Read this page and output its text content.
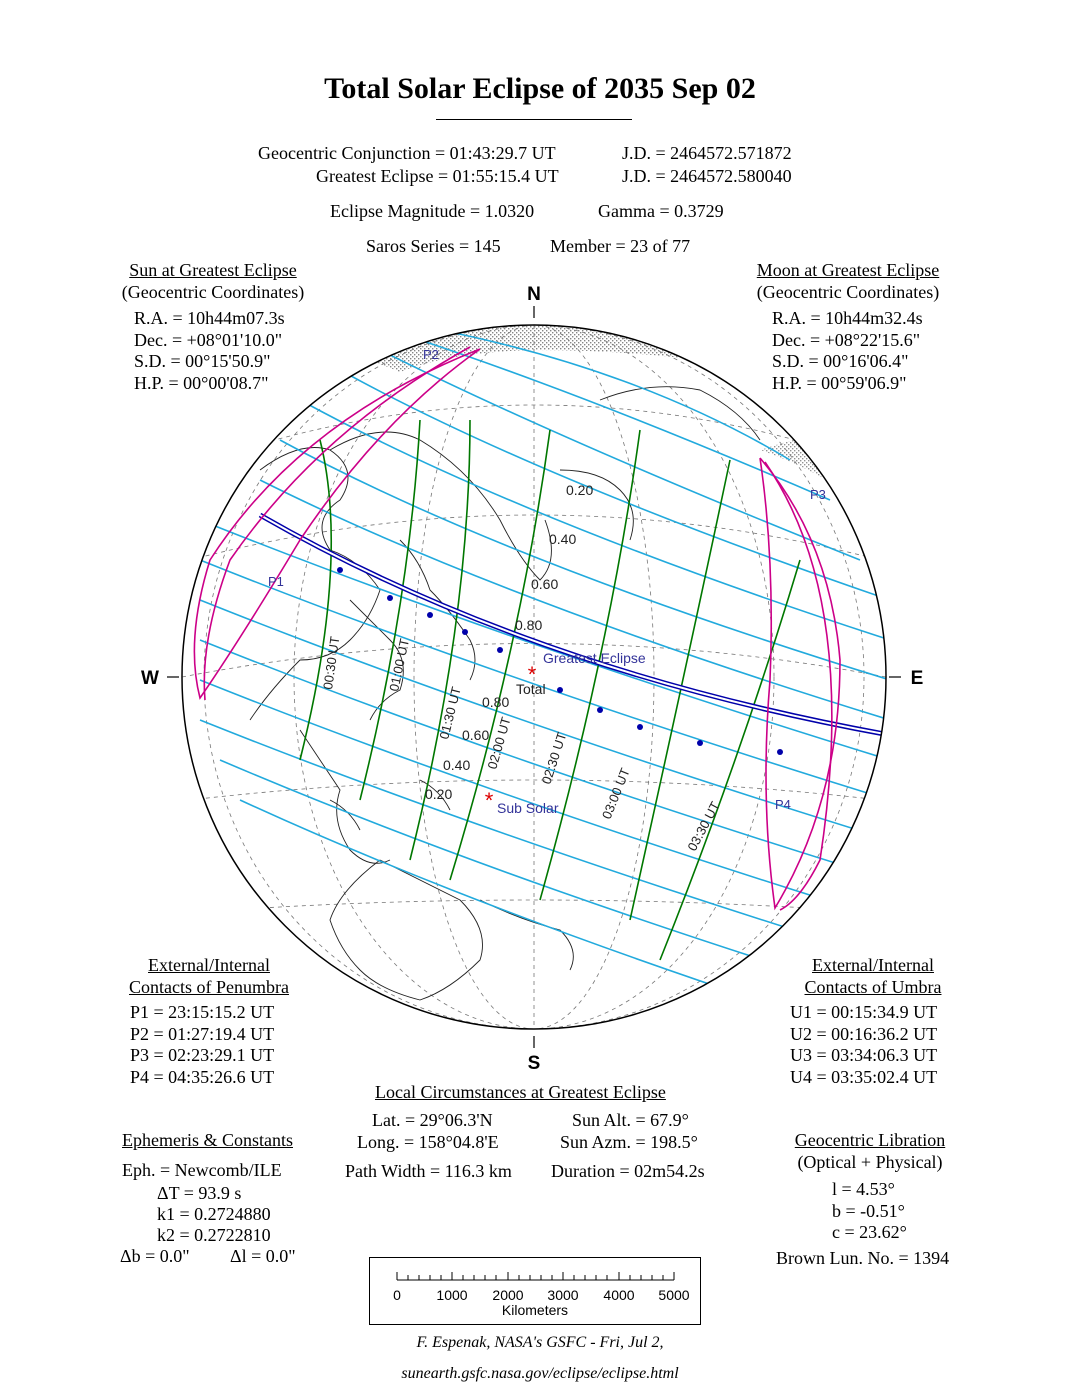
Total Solar Eclipse of 2035 Sep 02
Geocentric Conjunction = 01:43:29.7 UT	J.D. = 2464572.571872
Greatest Eclipse = 01:55:15.4 UT	J.D. = 2464572.580040
Eclipse Magnitude = 1.0320	Gamma = 0.3729
Saros Series = 145	Member = 23 of 77
Sun at Greatest Eclipse
(Geocentric Coordinates)
R.A. = 10h44m07.3s
Dec. = +08°01'10.0"
S.D. = 00°15'50.9"
H.P. = 00°00'08.7"
Moon at Greatest Eclipse
(Geocentric Coordinates)
R.A. = 10h44m32.4s
Dec. = +08°22'15.6"
S.D. = 00°16'06.4"
H.P. = 00°59'06.9"
N
S
W	E
P1
P2
P3
P4
*
Greatest Eclipse
Total
* Sub Solar
0.20
0.40
0.60
0.80
0.80
0.60
0.40
0.20
00:30 UT	01:00 UT
01:30 UT
02:00 UT 02:30 UT
03:00 UT
03:30 UT
External/Internal
Contacts of Penumbra
P1 = 23:15:15.2 UT
P2 = 01:27:19.4 UT
P3 = 02:23:29.1 UT
P4 = 04:35:26.6 UT
External/Internal
Contacts of Umbra
U1 = 00:15:34.9 UT
U2 = 00:16:36.2 UT
U3 = 03:34:06.3 UT
U4 = 03:35:02.4 UT
Local Circumstances at Greatest Eclipse
Lat. = 29°06.3'N	Sun Alt. = 67.9°
Long. = 158°04.8'E	Sun Azm. = 198.5°
Path Width = 116.3 km Duration = 02m54.2s
Ephemeris & Constants
Eph. = Newcomb/ILE
ΔT = 93.9 s
k1 = 0.2724880
k2 = 0.2722810
Δb = 0.0" Δl = 0.0"
Geocentric Libration
(Optical + Physical)
l = 4.53°
b = -0.51°
c = 23.62°
Brown Lun. No. = 1394
0	1000 2000 3000 4000 5000
Kilometers
F. Espenak, NASA's GSFC - Fri, Jul 2,
sunearth.gsfc.nasa.gov/eclipse/eclipse.html
